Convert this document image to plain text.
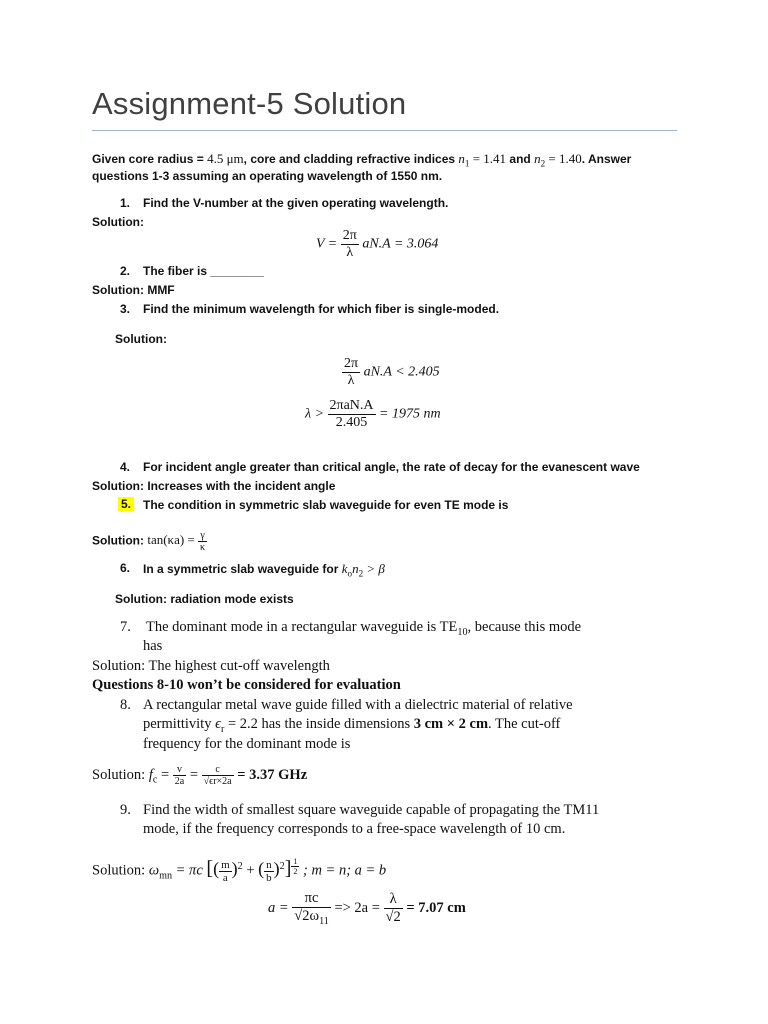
Assignment-5 Solution
Given core radius = 4.5 μm, core and cladding refractive indices $n_1 = 1.41$ and $n_2 = 1.40$. Answer
questions 1-3 assuming an operating wavelength of 1550 nm.
1. Find the V-number at the given operating wavelength.
Solution:
$V = \frac{2\pi}{\lambda} aN.A = 3.064$
2. The fiber is ________
Solution: MMF
3. Find the minimum wavelength for which fiber is single-moded.
Solution:
$\frac{2\pi}{\lambda} aN.A < 2.405$
$\lambda > \frac{\text{2πaN.A}}{2.405} = 1975$ nm
4. For incident angle greater than critical angle, the rate of decay for the evanescent wave
Solution: Increases with the incident angle
5. The condition in symmetric slab waveguide for even TE mode is
Solution: $\tan(\kappa a) = \frac{\gamma}{\kappa}$
6. In a symmetric slab waveguide for $k_on_2 > \beta$
Solution: radiation mode exists
7. The dominant mode in a rectangular waveguide is $TE_{10}$, because this mode
has
Solution: The highest cut-off wavelength
Questions 8-10 won’t be considered for evaluation
8. A rectangular metal wave guide filled with a dielectric material of relative
permittivity $\epsilon_r = 2.2$ has the inside dimensions 3 cm × 2 cm. The cut-off
frequency for the dominant mode is
Solution: $f_c = \frac{v}{2a} = \frac{c}{√\epsilon r\times 2a} = 3.37$ GHz
9. Find the width of smallest square waveguide capable of propagating the TM11
mode, if the frequency corresponds to a free-space wavelength of 10 cm.
Solution: $\omega_{mn} = \pi c$ [( $\frac{m}{a} )^2$ + ( $\frac{n}{b} )^2$] $^{\frac{1}{2}}$ ; m = n; a = b
$a = \frac{\pi c}{√2\omega_{11}} => 2a = \frac{\lambda}{√2} = 7.07$ cm
